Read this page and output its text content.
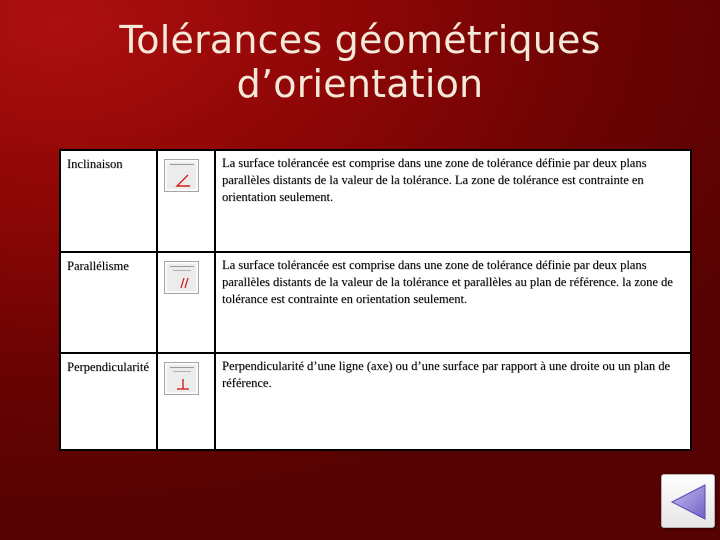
Tolérances géométriques
d’orientation
Inclinaison	La surface tolérancée est comprise dans une zone de tolérance définie par deux plans parallèles distants de la valeur de la tolérance. La zone de tolérance est contrainte en orientation seulement.
Parallélisme	La surface tolérancée est comprise dans une zone de tolérance définie par deux plans parallèles distants de la valeur de la tolérance et parallèles au plan de référence. la zone de tolérance est contrainte en orientation seulement.
Perpendicularité	Perpendicularité d’une ligne (axe) ou d’une surface par rapport à une droite ou un plan de référence.
